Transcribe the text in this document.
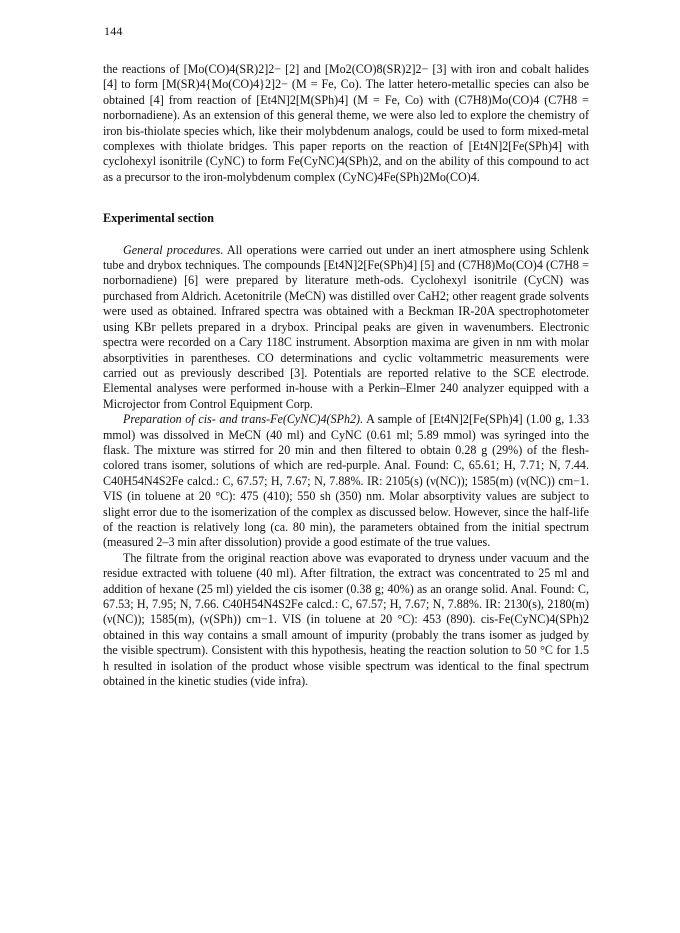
144

the reactions of [Mo(CO)4(SR)2]2− [2] and [Mo2(CO)8(SR)2]2− [3] with iron and cobalt halides [4] to form [M(SR)4{Mo(CO)4}2]2− (M = Fe, Co). The latter hetero-metallic species can also be obtained [4] from reaction of [Et4N]2[M(SPh)4] (M = Fe, Co) with (C7H8)Mo(CO)4 (C7H8 = norbornadiene). As an extension of this general theme, we were also led to explore the chemistry of iron bis-thiolate species which, like their molybdenum analogs, could be used to form mixed-metal complexes with thiolate bridges. This paper reports on the reaction of [Et4N]2[Fe(SPh)4] with cyclohexyl isonitrile (CyNC) to form Fe(CyNC)4(SPh)2, and on the ability of this compound to act as a precursor to the iron-molybdenum complex (CyNC)4Fe(SPh)2Mo(CO)4.

Experimental section

General procedures. All operations were carried out under an inert atmosphere using Schlenk tube and drybox techniques. The compounds [Et4N]2[Fe(SPh)4] [5] and (C7H8)Mo(CO)4 (C7H8 = norbornadiene) [6] were prepared by literature meth-ods. Cyclohexyl isonitrile (CyCN) was purchased from Aldrich. Acetonitrile (MeCN) was distilled over CaH2; other reagent grade solvents were used as obtained. Infrared spectra was obtained with a Beckman IR-20A spectrophotometer using KBr pellets prepared in a drybox. Principal peaks are given in wavenumbers. Electronic spectra were recorded on a Cary 118C instrument. Absorption maxima are given in nm with molar absorptivities in parentheses. CO determinations and cyclic voltammetric measurements were carried out as previously described [3]. Potentials are reported relative to the SCE electrode. Elemental analyses were performed in-house with a Perkin–Elmer 240 analyzer equipped with a Microjector from Control Equipment Corp.

Preparation of cis- and trans-Fe(CyNC)4(SPh2). A sample of [Et4N]2[Fe(SPh)4] (1.00 g, 1.33 mmol) was dissolved in MeCN (40 ml) and CyNC (0.61 ml; 5.89 mmol) was syringed into the flask. The mixture was stirred for 20 min and then filtered to obtain 0.28 g (29%) of the flesh-colored trans isomer, solutions of which are red-purple. Anal. Found: C, 65.61; H, 7.71; N, 7.44. C40H54N4S2Fe calcd.: C, 67.57; H, 7.67; N, 7.88%. IR: 2105(s) (ν(NC)); 1585(m) (ν(NC)) cm−1. VIS (in toluene at 20 °C): 475 (410); 550 sh (350) nm. Molar absorptivity values are subject to slight error due to the isomerization of the complex as discussed below. However, since the half-life of the reaction is relatively long (ca. 80 min), the parameters obtained from the initial spectrum (measured 2–3 min after dissolution) provide a good estimate of the true values.

The filtrate from the original reaction above was evaporated to dryness under vacuum and the residue extracted with toluene (40 ml). After filtration, the extract was concentrated to 25 ml and addition of hexane (25 ml) yielded the cis isomer (0.38 g; 40%) as an orange solid. Anal. Found: C, 67.53; H, 7.95; N, 7.66. C40H54N4S2Fe calcd.: C, 67.57; H, 7.67; N, 7.88%. IR: 2130(s), 2180(m) (ν(NC)); 1585(m), (ν(SPh)) cm−1. VIS (in toluene at 20 °C): 453 (890). cis-Fe(CyNC)4(SPh)2 obtained in this way contains a small amount of impurity (probably the trans isomer as judged by the visible spectrum). Consistent with this hypothesis, heating the reaction solution to 50 °C for 1.5 h resulted in isolation of the product whose visible spectrum was identical to the final spectrum obtained in the kinetic studies (vide infra).
